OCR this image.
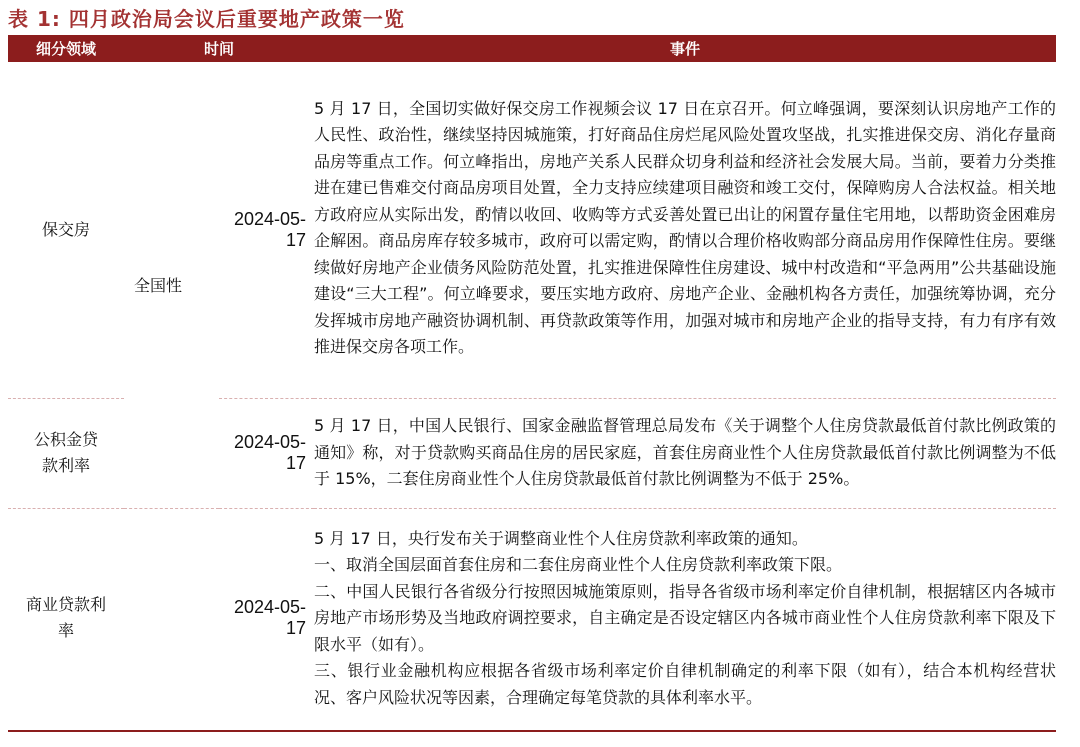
表 1: 四月政治局会议后重要地产政策一览
细分领域	时间		事件
保交房	全国性	2024-05-17	5 月 17 日，全国切实做好保交房工作视频会议 17 日在京召开。何立峰强调，要深刻认识房地产工作的人民性、政治性，继续坚持因城施策，打好商品住房烂尾风险处置攻坚战，扎实推进保交房、消化存量商品房等重点工作。何立峰指出，房地产关系人民群众切身利益和经济社会发展大局。当前，要着力分类推进在建已售难交付商品房项目处置，全力支持应续建项目融资和竣工交付，保障购房人合法权益。相关地方政府应从实际出发，酌情以收回、收购等方式妥善处置已出让的闲置存量住宅用地，以帮助资金困难房企解困。商品房库存较多城市，政府可以需定购，酌情以合理价格收购部分商品房用作保障性住房。要继续做好房地产企业债务风险防范处置，扎实推进保障性住房建设、城中村改造和“平急两用”公共基础设施建设“三大工程”。何立峰要求，要压实地方政府、房地产企业、金融机构各方责任，加强统筹协调，充分发挥城市房地产融资协调机制、再贷款政策等作用，加强对城市和房地产企业的指导支持，有力有序有效推进保交房各项工作。

公积金贷款利率		2024-05-17	5 月 17 日，中国人民银行、国家金融监督管理总局发布《关于调整个人住房贷款最低首付款比例政策的通知》称，对于贷款购买商品住房的居民家庭，首套住房商业性个人住房贷款最低首付款比例调整为不低于 15%，二套住房商业性个人住房贷款最低首付款比例调整为不低于 25%。

商业贷款利率		2024-05-17	5 月 17 日，央行发布关于调整商业性个人住房贷款利率政策的通知。

一、取消全国层面首套住房和二套住房商业性个人住房贷款利率政策下限。

二、中国人民银行各省级分行按照因城施策原则，指导各省级市场利率定价自律机制，根据辖区内各城市房地产市场形势及当地政府调控要求，自主确定是否设定辖区内各城市商业性个人住房贷款利率下限及下限水平（如有）。

三、银行业金融机构应根据各省级市场利率定价自律机制确定的利率下限（如有），结合本机构经营状况、客户风险状况等因素，合理确定每笔贷款的具体利率水平。
